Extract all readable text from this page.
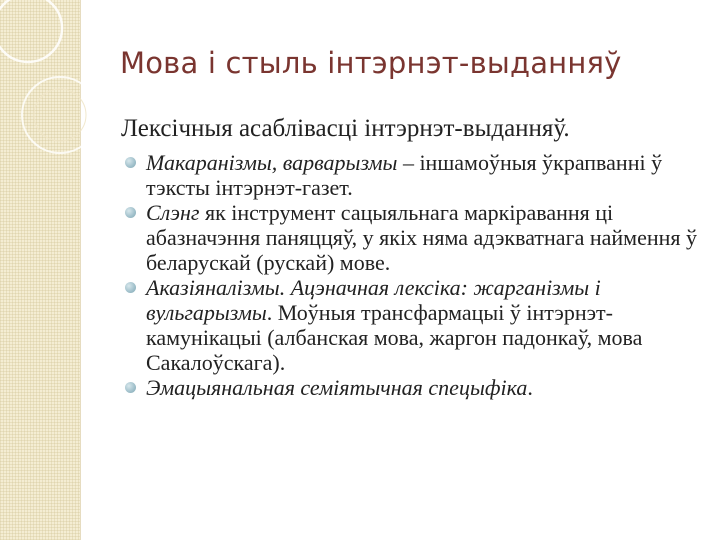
Мова і стыль інтэрнэт-выданняў
Лексічныя асаблівасці інтэрнэт-выданняў.
Макаранізмы, варварызмы – іншамоўныя ўкрапванні ў тэксты інтэрнэт-газет.
Слэнг як інструмент сацыяльнага маркіравання ці абазначэння паняццяў, у якіх няма адэкватнага наймення ў беларускай (рускай) мове.
Аказіяналізмы. Ацэначная лексіка: жарганізмы і вульгарызмы. Моўныя трансфармацыі ў інтэрнэт-камунікацыі (албанская мова, жаргон падонкаў, мова Сакалоўскага).
Эмацыянальная семіятычная спецыфіка.
